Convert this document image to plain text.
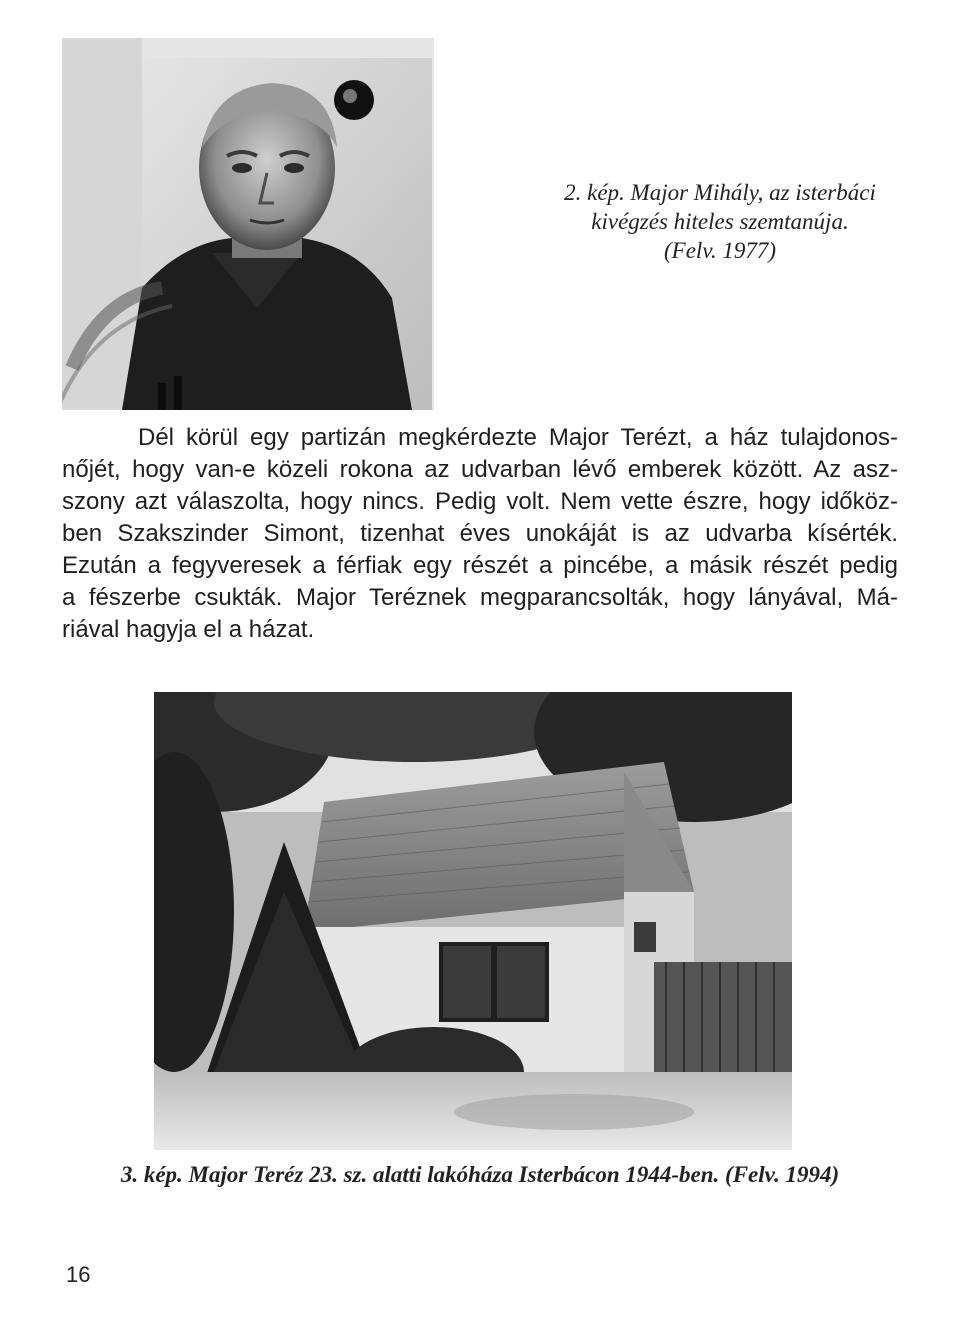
2. kép. Major Mihály, az isterbáci
kivégzés hiteles szemtanúja.
(Felv. 1977)
Dél körül egy partizán megkérdezte Major Terézt, a ház tulajdonos-
nőjét, hogy van-e közeli rokona az udvarban lévő emberek között. Az asz-
szony azt válaszolta, hogy nincs. Pedig volt. Nem vette észre, hogy időköz-
ben Szakszinder Simont, tizenhat éves unokáját is az udvarba kísérték.
Ezután a fegyveresek a férfiak egy részét a pincébe, a másik részét pedig
a fészerbe csukták. Major Teréznek megparancsolták, hogy lányával, Má-
riával hagyja el a házat.
3. kép. Major Teréz 23. sz. alatti lakóháza Isterbácon 1944-ben. (Felv. 1994)
16
